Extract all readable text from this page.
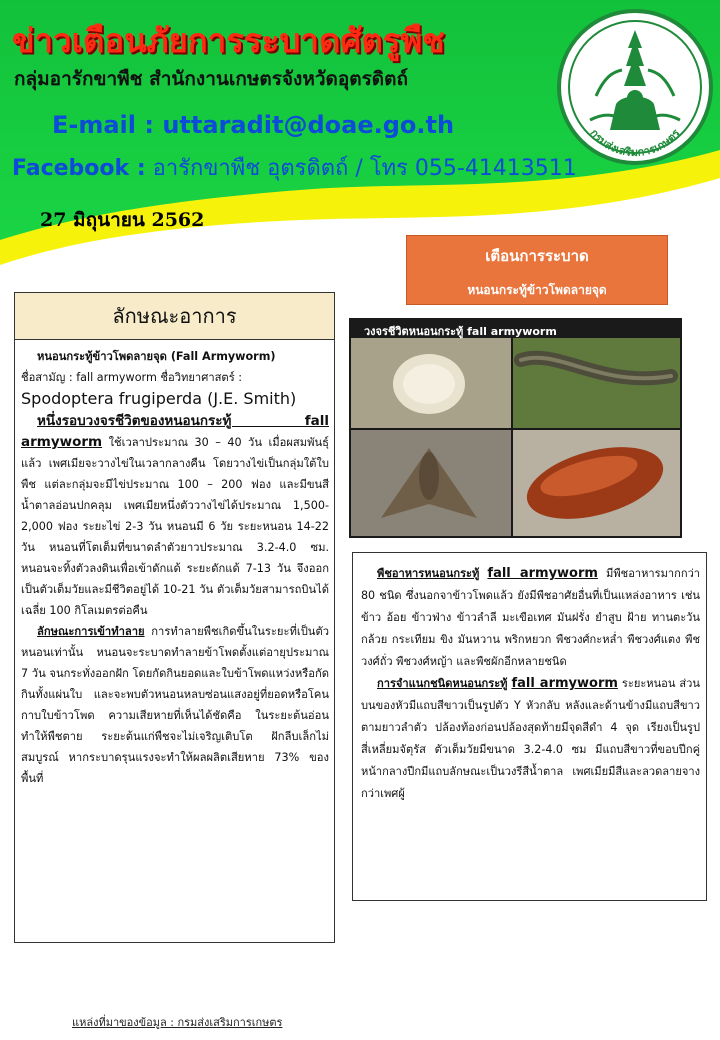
กรมส่งเสริมการเกษตร
ข่าวเตือนภัยการระบาดศัตรูพืช
กลุ่มอารักขาพืช สำนักงานเกษตรจังหวัดอุตรดิตถ์
E-mail : uttaradit@doae.go.th
Facebook : อารักขาพืช อุตรดิตถ์ / โทร 055-41413511
27 มิถุนายน 2562
เตือนการระบาด
หนอนกระทู้ข้าวโพดลายจุด
ลักษณะอาการ

หนอนกระทู้ข้าวโพดลายจุด (Fall Armyworm)
ชื่อสามัญ : fall armyworm ชื่อวิทยาศาสตร์ :
Spodoptera frugiperda (J.E. Smith)

หนึ่งรอบวงจรชีวิตของหนอนกระทู้ fall armyworm ใช้เวลาประมาณ 30 – 40 วัน เมื่อผสมพันธุ์แล้ว เพศเมียจะวางไข่ในเวลากลางคืน โดยวางไข่เป็นกลุ่มใต้ใบพืช แต่ละกลุ่มจะมีไข่ประมาณ 100 – 200 ฟอง และมีขนสีน้ำตาลอ่อนปกคลุม เพศเมียหนึ่งตัววางไข่ได้ประมาณ 1,500-2,000 ฟอง ระยะไข่ 2-3 วัน หนอนมี 6 วัย ระยะหนอน 14-22 วัน หนอนที่โตเต็มที่ขนาดลำตัวยาวประมาณ 3.2-4.0 ซม. หนอนจะทิ้งตัวลงดินเพื่อเข้าดักแด้ ระยะดักแด้ 7-13 วัน จึงออกเป็นตัวเต็มวัยและมีชีวิตอยู่ได้ 10-21 วัน ตัวเต็มวัยสามารถบินได้เฉลี่ย 100 กิโลเมตรต่อคืน

ลักษณะการเข้าทำลาย การทำลายพืชเกิดขึ้นในระยะที่เป็นตัวหนอนเท่านั้น หนอนจะระบาดทำลายข้าโพดตั้งแต่อายุประมาณ 7 วัน จนกระทั่งออกฝัก โดยกัดกินยอดและใบข้าโพดแหว่งหรือกัดกินทั้งแผ่นใบ และจะพบตัวหนอนหลบซ่อนแสงอยู่ที่ยอดหรือโคนกาบใบข้าวโพด ความเสียหายที่เห็นได้ชัดคือ ในระยะต้นอ่อนทำให้พืชตาย ระยะต้นแก่พืชจะไม่เจริญเติบโต ฝักลีบเล็กไม่สมบูรณ์ หากระบาดรุนแรงจะทำให้ผลผลิตเสียหาย 73% ของพื้นที่

วงจรชีวิตหนอนกระทู้ fall armyworm

พืชอาหารหนอนกระทู้ fall armyworm มีพืชอาหารมากกว่า 80 ชนิด ซึ่งนอกจาข้าวโพดแล้ว ยังมีพืชอาศัยอื่นที่เป็นแหล่งอาหาร เช่น ข้าว อ้อย ข้าวฟ่าง ข้าวลำลี มะเขือเทศ มันฝรั่ง ยำสูบ ฝ้าย ทานตะวัน กล้วย กระเทียม ขิง มันหวาน พริกหยวก พืชวงศ์กะหล่ำ พืชวงศ์แตง พืชวงศ์ถั่ว พืชวงศ์หญ้า และพืชผักอีกหลายชนิด

การจำแนกชนิดหนอนกระทู้ fall armyworm ระยะหนอน ส่วนบนของหัวมีแถบสีขาวเป็นรูปตัว Y หัวกลับ หลังและด้านข้างมีแถบสีขาวตามยาวลำตัว ปล้องท้องก่อนปล้องสุดท้ายมีจุดสีดำ 4 จุด เรียงเป็นรูปสี่เหลี่ยมจัตุรัส ตัวเต็มวัยมีขนาด 3.2-4.0 ซม มีแถบสีขาวที่ขอบปีกคู่หน้ากลางปีกมีแถบลักษณะเป็นวงรีสีน้ำตาล เพศเมียมีสีและลวดลายจางกว่าเพศผู้

แหล่งที่มาของข้อมูล : กรมส่งเสริมการเกษตร
